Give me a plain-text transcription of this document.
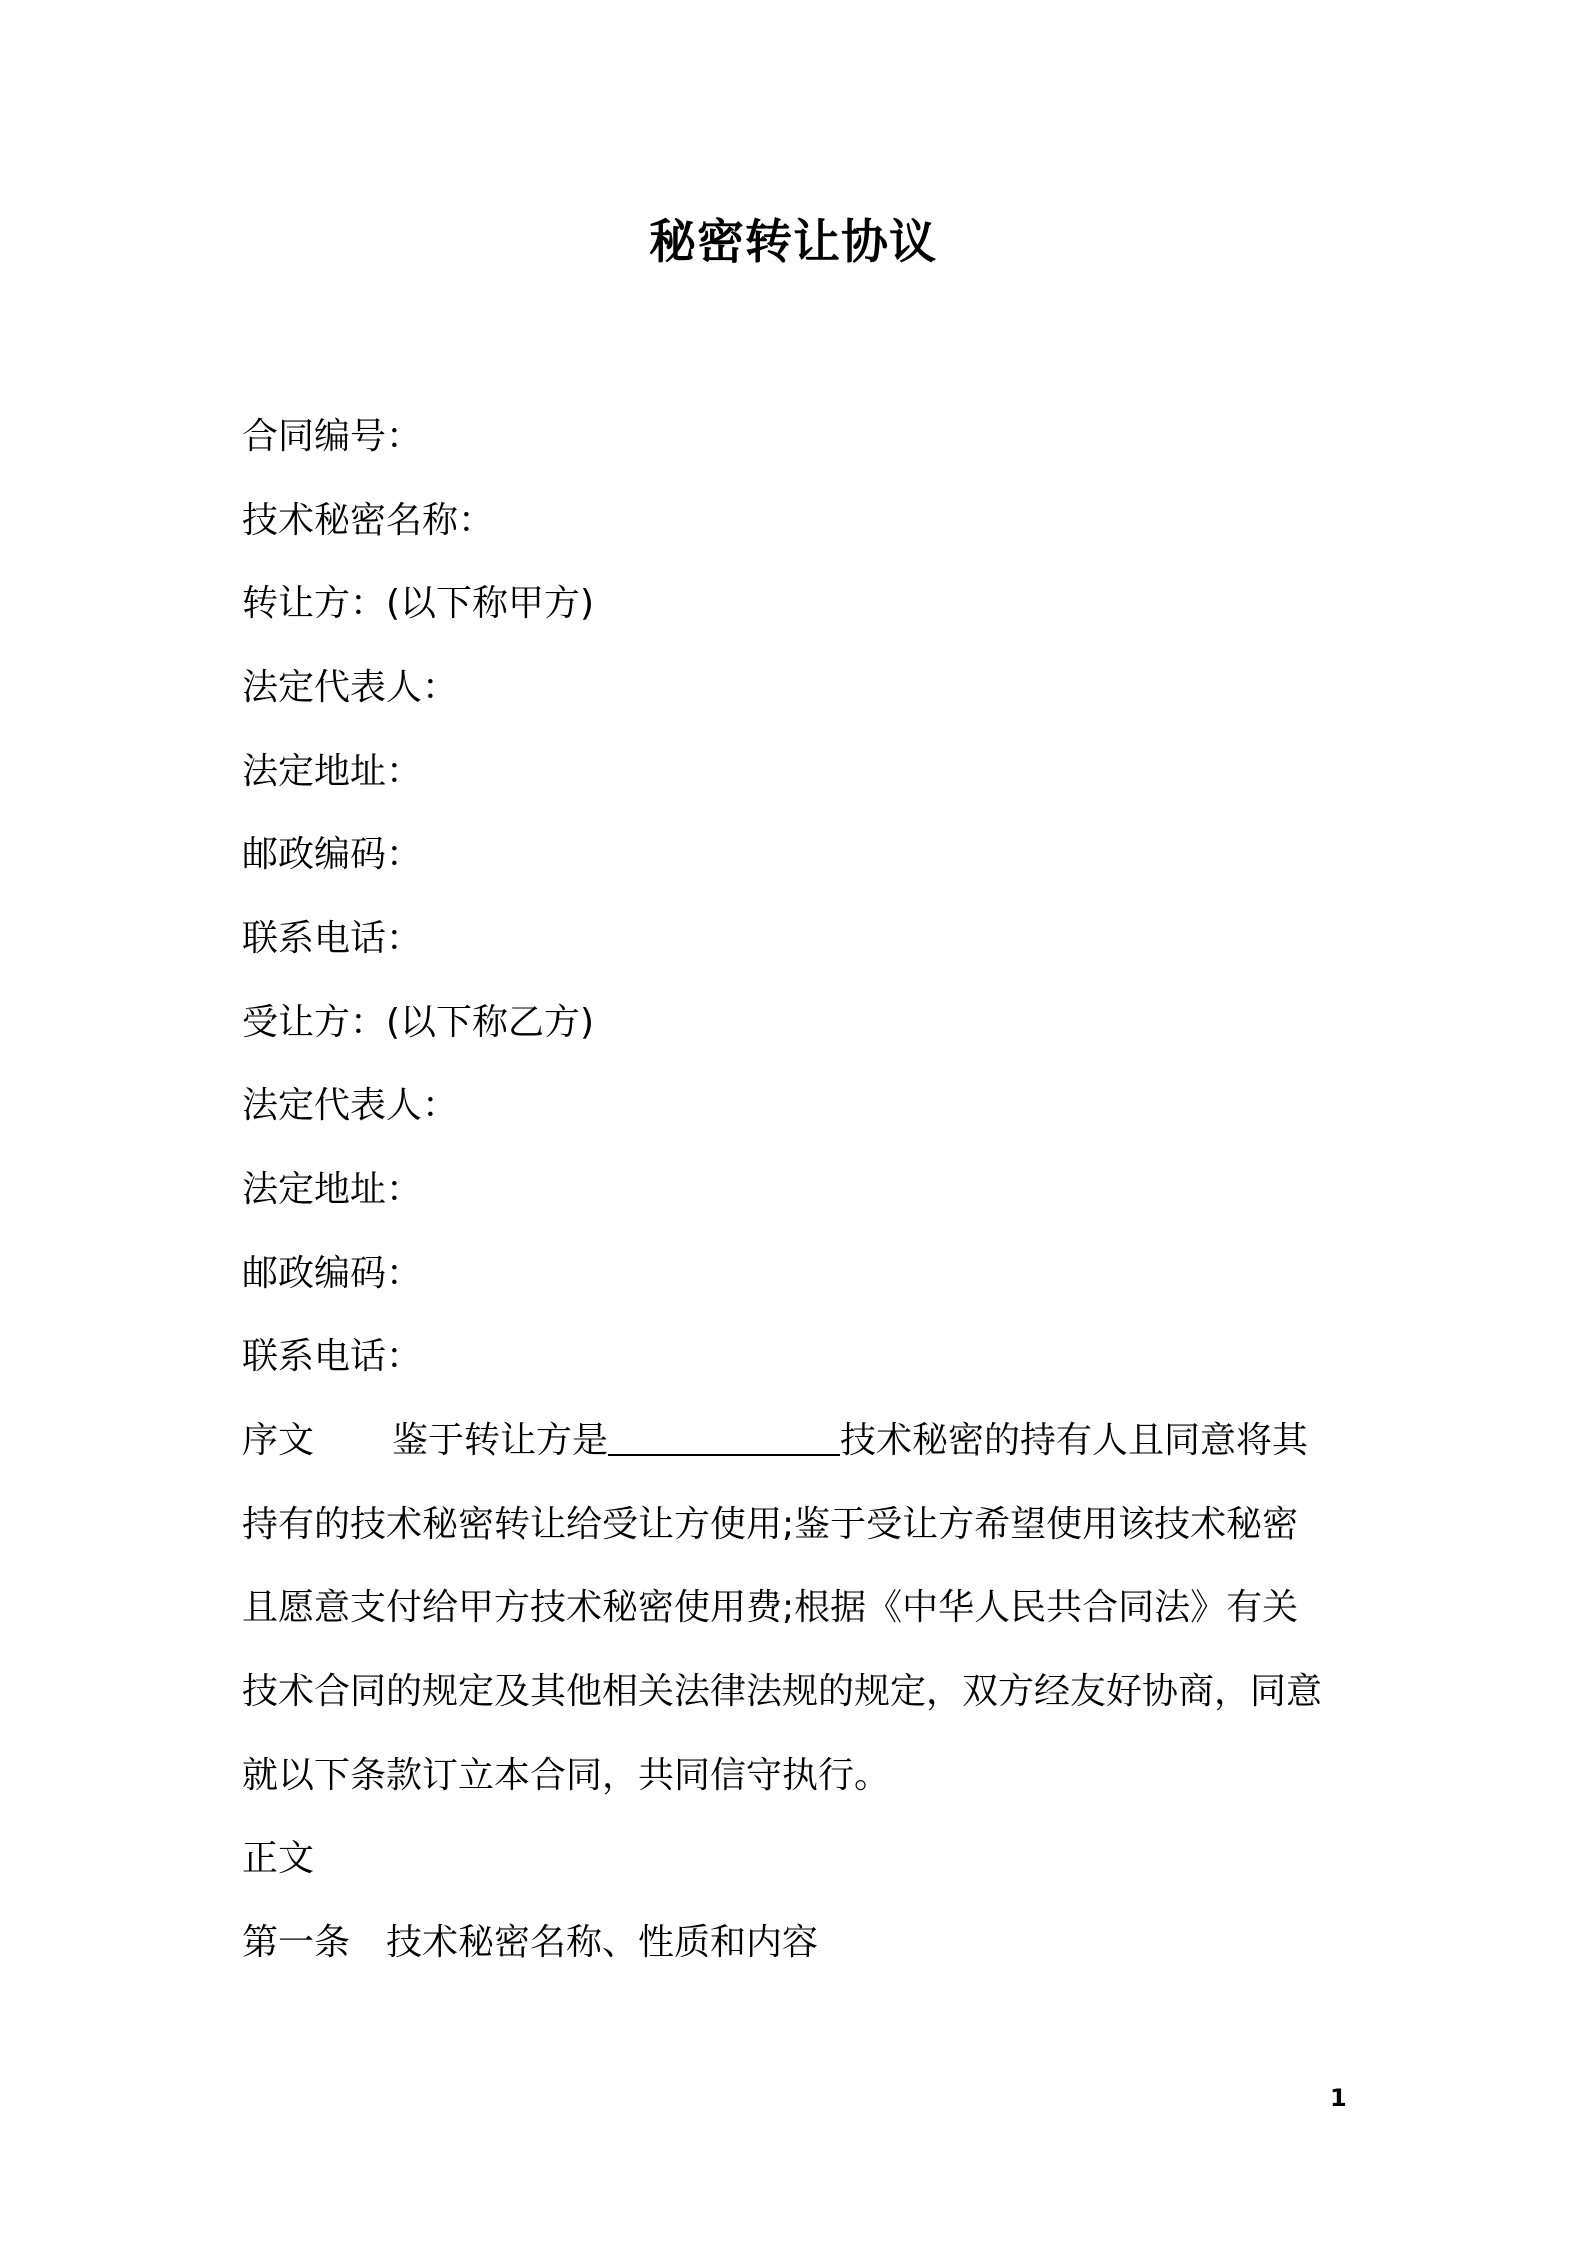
秘密转让协议
合同编号：
技术秘密名称：
转让方：(以下称甲方)
法定代表人：
法定地址：
邮政编码：
联系电话：
受让方：(以下称乙方)
法定代表人：
法定地址：
邮政编码：
联系电话：
序文 鉴于转让方是	技术秘密的持有人且同意将其
持有的技术秘密转让给受让方使用;鉴于受让方希望使用该技术秘密
且愿意支付给甲方技术秘密使用费;根据《中华人民共合同法》有关
技术合同的规定及其他相关法律法规的规定，双方经友好协商，同意
就以下条款订立本合同，共同信守执行。
正文
第一条　技术秘密名称、性质和内容
1
